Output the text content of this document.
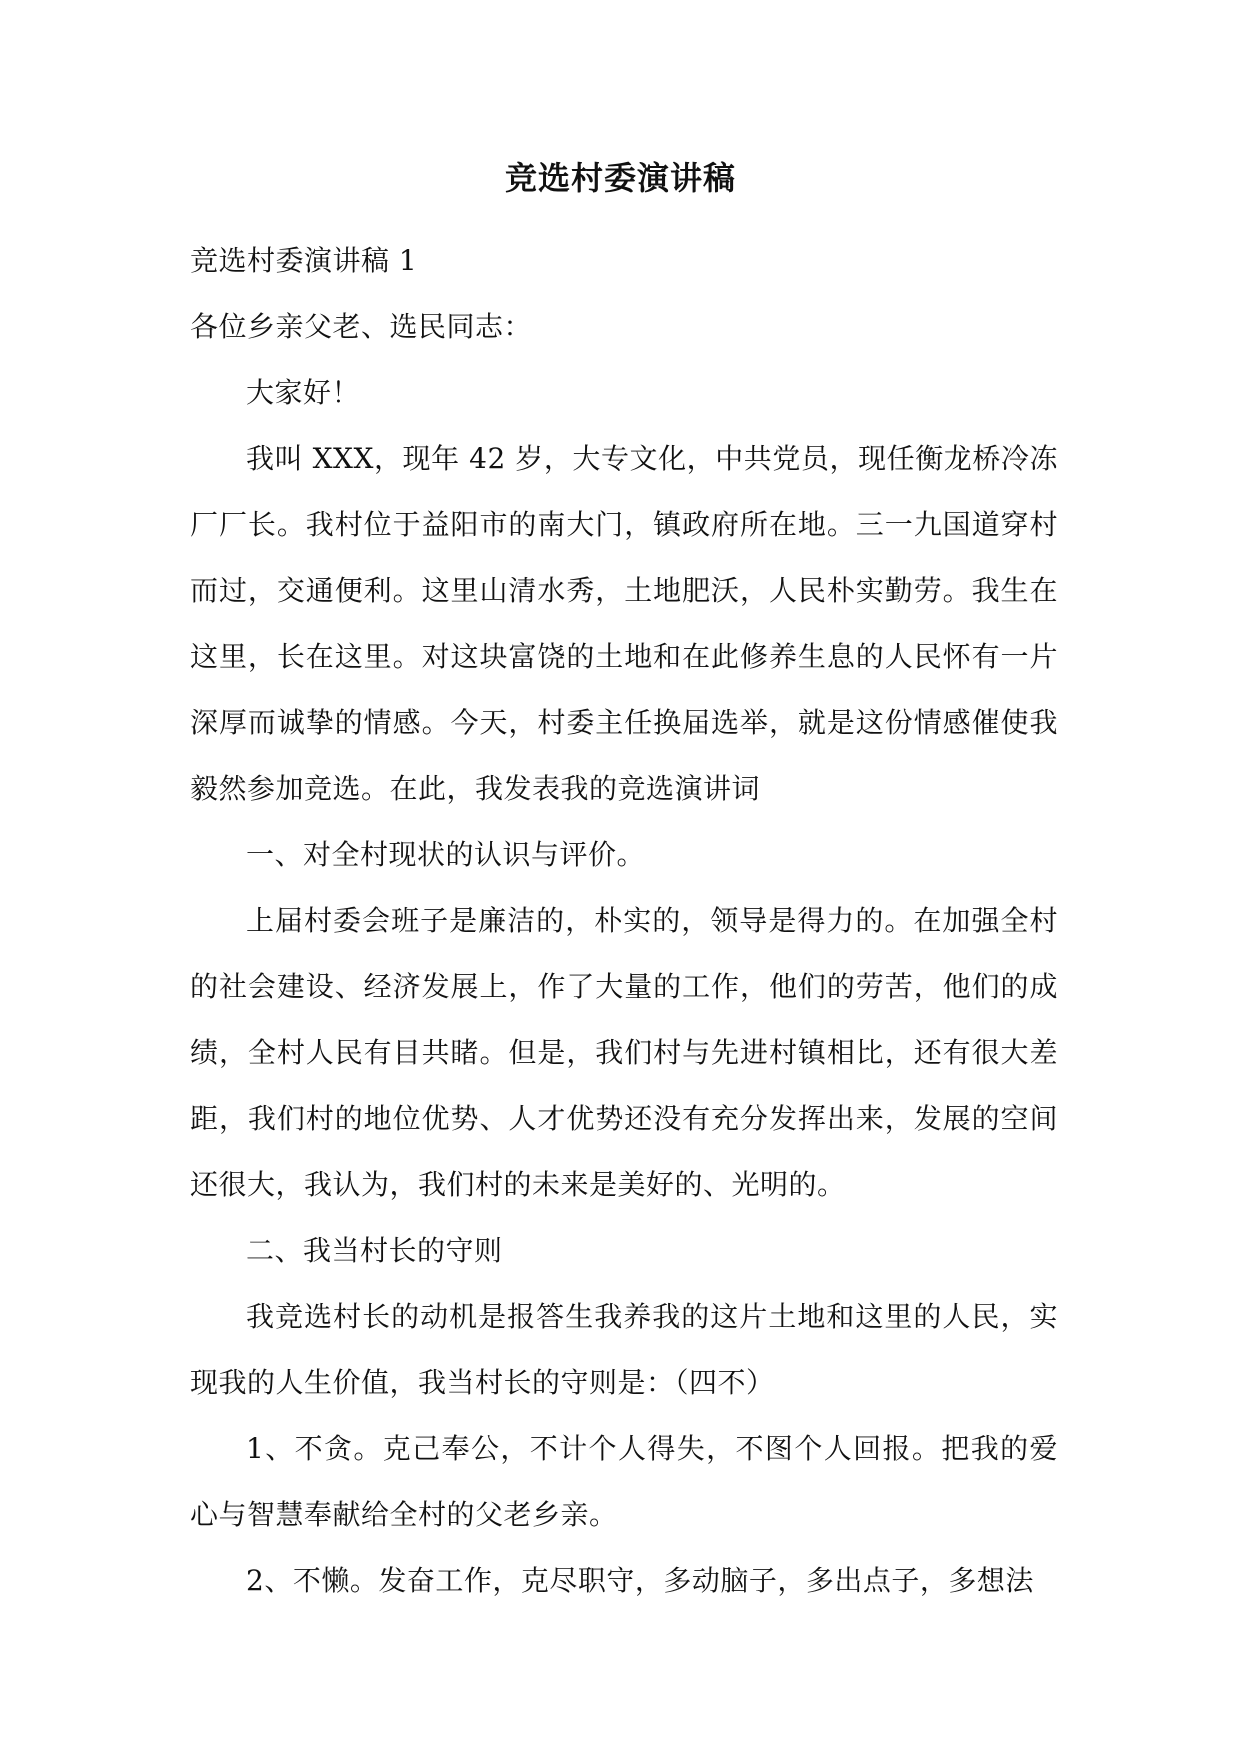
竞选村委演讲稿

竞选村委演讲稿 1

各位乡亲父老、选民同志：

大家好！

我叫 XXX，现年 42 岁，大专文化，中共党员，现任衡龙桥冷冻厂厂长。我村位于益阳市的南大门，镇政府所在地。三一九国道穿村而过，交通便利。这里山清水秀，土地肥沃，人民朴实勤劳。我生在这里，长在这里。对这块富饶的土地和在此修养生息的人民怀有一片深厚而诚挚的情感。今天，村委主任换届选举，就是这份情感催使我毅然参加竞选。在此，我发表我的竞选演讲词

一、对全村现状的认识与评价。

上届村委会班子是廉洁的，朴实的，领导是得力的。在加强全村的社会建设、经济发展上，作了大量的工作，他们的劳苦，他们的成绩，全村人民有目共睹。但是，我们村与先进村镇相比，还有很大差距，我们村的地位优势、人才优势还没有充分发挥出来，发展的空间还很大，我认为，我们村的未来是美好的、光明的。

二、我当村长的守则

我竞选村长的动机是报答生我养我的这片土地和这里的人民，实现我的人生价值，我当村长的守则是：（四不）

1、不贪。克己奉公，不计个人得失，不图个人回报。把我的爱心与智慧奉献给全村的父老乡亲。

2、不懒。发奋工作，克尽职守，多动脑子，多出点子，多想法
